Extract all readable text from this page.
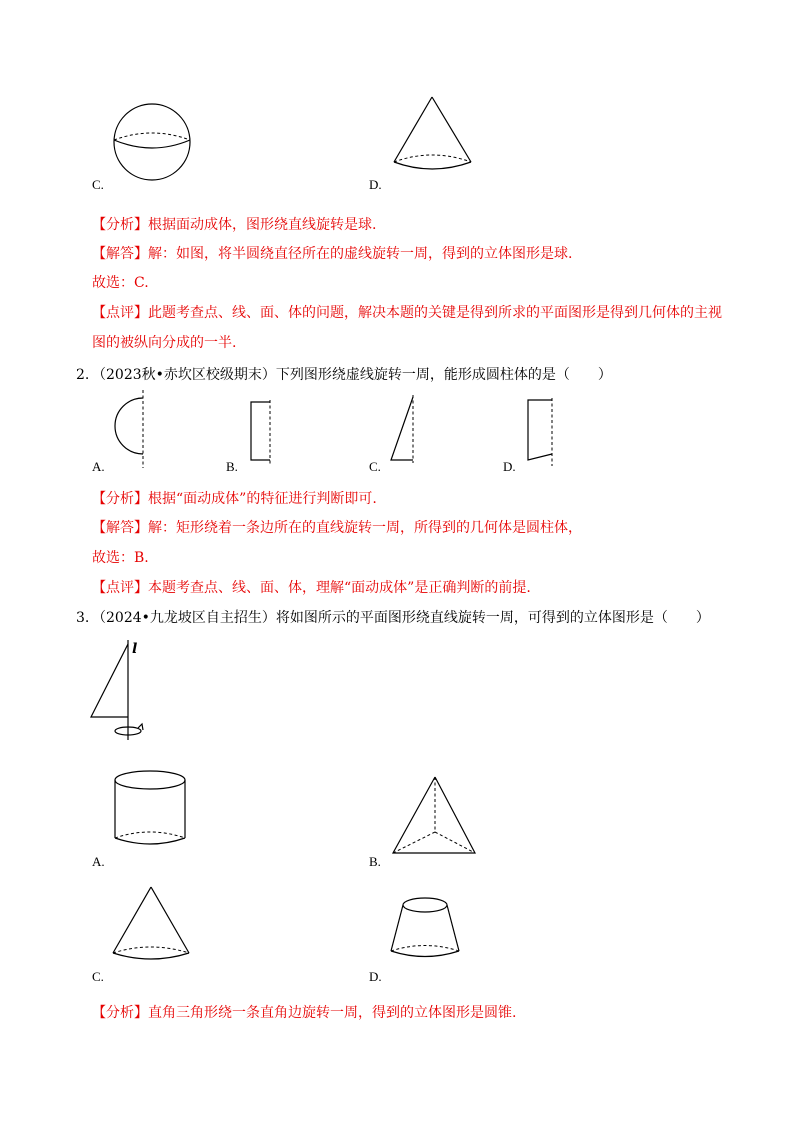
C.	D.
【分析】根据面动成体，图形绕直线旋转是球.
【解答】解：如图，将半圆绕直径所在的虚线旋转一周，得到的立体图形是球.
故选：C.
【点评】此题考查点、线、面、体的问题，解决本题的关键是得到所求的平面图形是得到几何体的主视
图的被纵向分成的一半.
2. （2023秋•赤坎区校级期末）下列图形绕虚线旋转一周，能形成圆柱体的是（　　）
A.	B.	C.	D.
【分析】根据“面动成体”的特征进行判断即可.
【解答】解：矩形绕着一条边所在的直线旋转一周，所得到的几何体是圆柱体，
故选：B.
【点评】本题考查点、线、面、体，理解“面动成体”是正确判断的前提.
3. （2024•九龙坡区自主招生）将如图所示的平面图形绕直线旋转一周，可得到的立体图形是（　　）
l
A.	B.
C.	D.
【分析】直角三角形绕一条直角边旋转一周，得到的立体图形是圆锥.
